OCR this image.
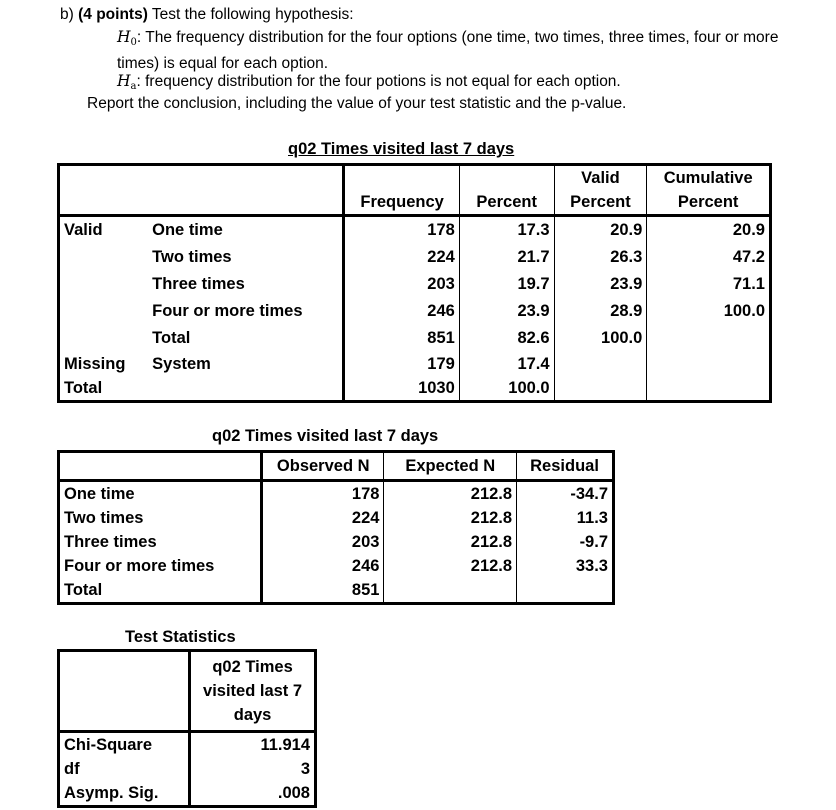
b) (4 points) Test the following hypothesis:
$H_0$: The frequency distribution for the four options (one time, two times, three times, four or more times) is equal for each option.
$H_a$: frequency distribution for the four potions is not equal for each option.
Report the conclusion, including the value of your test statistic and the p-value.
q02 Times visited last 7 days
		Frequency	Percent	Valid	Cumulative
				Percent	Percent
Valid	One time	178	17.3	20.9	20.9
	Two times	224	21.7	26.3	47.2
	Three times	203	19.7	23.9	71.1
	Four or more times	246	23.9	28.9	100.0
	Total	851	82.6	100.0	
Missing	System	179	17.4		
Total		1030	100.0		
q02 Times visited last 7 days
	Observed N	Expected N	Residual
One time	178	212.8	-34.7
Two times	224	212.8	11.3
Three times	203	212.8	-9.7
Four or more times	246	212.8	33.3
Total	851		
Test Statistics
	q02 Times visited last 7 days
Chi-Square	11.914
df	3
Asymp. Sig.	.008
